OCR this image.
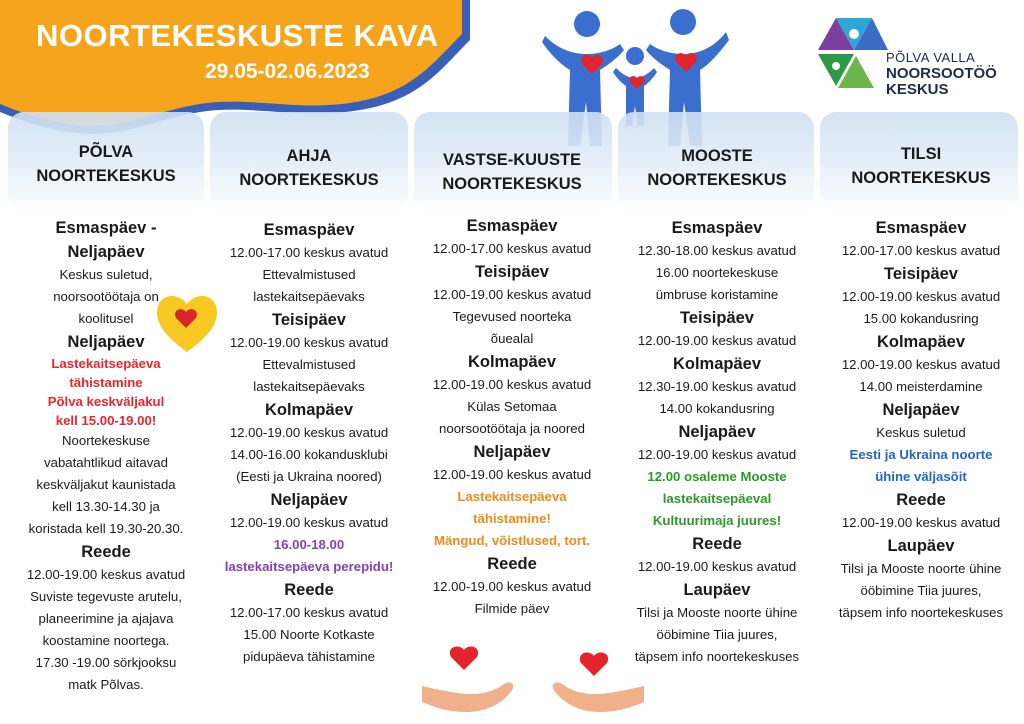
NOORTEKESKUSTE KAVA
29.05-02.06.2023
PÕLVA VALLA
NOORSOOTÖÖ
KESKUS
PÕLVA
NOORTEKESKUS
Esmaspäev -
Neljapäev
Keskus suletud,
noorsootöötaja on
koolitusel
Neljapäev
Lastekaitsepäeva
tähistamine
Põlva keskväljakul
kell 15.00-19.00!
Noortekeskuse
vabatahtlikud aitavad
keskväljakut kaunistada
kell 13.30-14.30 ja
koristada kell 19.30-20.30.
Reede
12.00-19.00 keskus avatud
Suviste tegevuste arutelu,
planeerimine ja ajajava
koostamine noortega.
17.30 -19.00 sörkjooksu
matk Põlvas.
AHJA
NOORTEKESKUS
Esmaspäev
12.00-17.00 keskus avatud
Ettevalmistused
lastekaitsepäevaks
Teisipäev
12.00-19.00 keskus avatud
Ettevalmistused
lastekaitsepäevaks
Kolmapäev
12.00-19.00 keskus avatud
14.00-16.00 kokandusklubi
(Eesti ja Ukraina noored)
Neljapäev
12.00-19.00 keskus avatud
16.00-18.00
lastekaitsepäeva perepidu!
Reede
12.00-17.00 keskus avatud
15.00 Noorte Kotkaste
pidupäeva tähistamine
VASTSE-KUUSTE
NOORTEKESKUS
Esmaspäev
12.00-17.00 keskus avatud
Teisipäev
12.00-19.00 keskus avatud
Tegevused noorteka
õuealal
Kolmapäev
12.00-19.00 keskus avatud
Külas Setomaa
noorsootöötaja ja noored
Neljapäev
12.00-19.00 keskus avatud
Lastekaitsepäeva
tähistamine!
Mängud, võistlused, tort.
Reede
12.00-19.00 keskus avatud
Filmide päev
MOOSTE
NOORTEKESKUS
Esmaspäev
12.30-18.00 keskus avatud
16.00 noortekeskuse
ümbruse koristamine
Teisipäev
12.00-19.00 keskus avatud
Kolmapäev
12.30-19.00 keskus avatud
14.00 kokandusring
Neljapäev
12.00-19.00 keskus avatud
12.00 osaleme Mooste
lastekaitsepäeval
Kultuurimaja juures!
Reede
12.00-19.00 keskus avatud
Laupäev
Tilsi ja Mooste noorte ühine
ööbimine Tiia juures,
täpsem info noortekeskuses
TILSI
NOORTEKESKUS
Esmaspäev
12.00-17.00 keskus avatud
Teisipäev
12.00-19.00 keskus avatud
15.00 kokandusring
Kolmapäev
12.00-19.00 keskus avatud
14.00 meisterdamine
Neljapäev
Keskus suletud
Eesti ja Ukraina noorte
ühine väljasõit
Reede
12.00-19.00 keskus avatud
Laupäev
Tilsi ja Mooste noorte ühine
ööbimine Tiia juures,
täpsem info noortekeskuses
